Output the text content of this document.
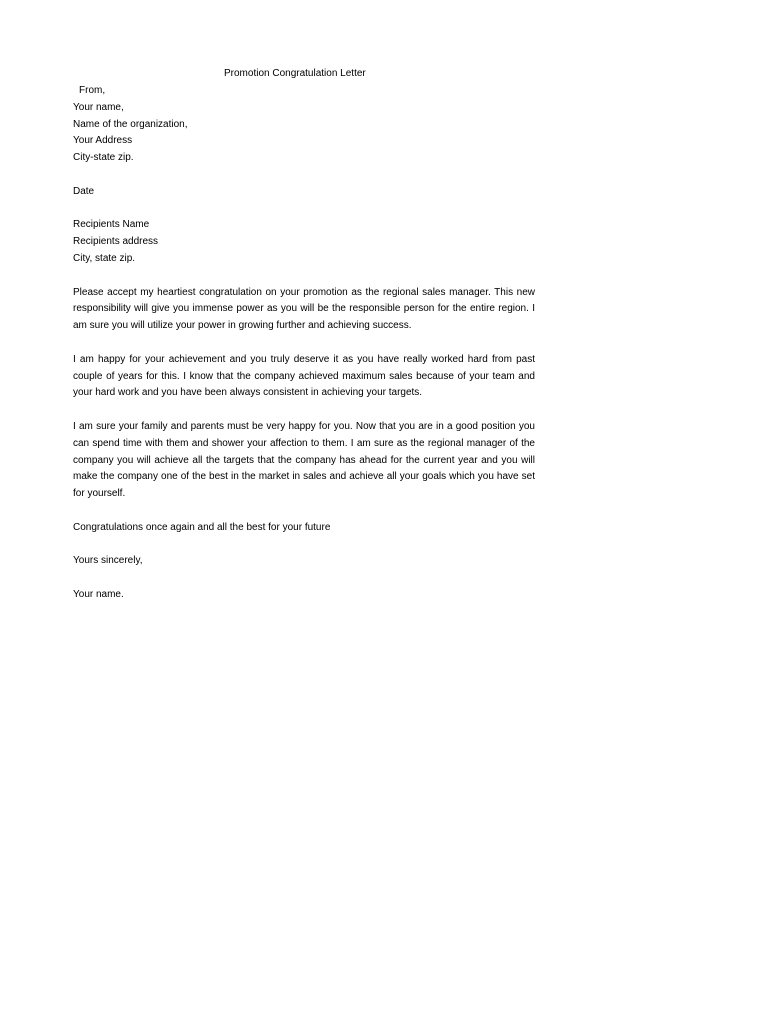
Promotion Congratulation Letter
From,
Your name,
Name of the organization,
Your Address
City-state zip.
Date
Recipients Name
Recipients address
City, state zip.

Please accept my heartiest congratulation on your promotion as the regional sales manager. This new responsibility will give you immense power as you will be the responsible person for the entire region. I am sure you will utilize your power in growing further and achieving success.

I am happy for your achievement and you truly deserve it as you have really worked hard from past couple of years for this. I know that the company achieved maximum sales because of your team and your hard work and you have been always consistent in achieving your targets.

I am sure your family and parents must be very happy for you. Now that you are in a good position you can spend time with them and shower your affection to them. I am sure as the regional manager of the company you will achieve all the targets that the company has ahead for the current year and you will make the company one of the best in the market in sales and achieve all your goals which you have set for yourself.

Congratulations once again and all the best for your future
Yours sincerely,
Your name.
